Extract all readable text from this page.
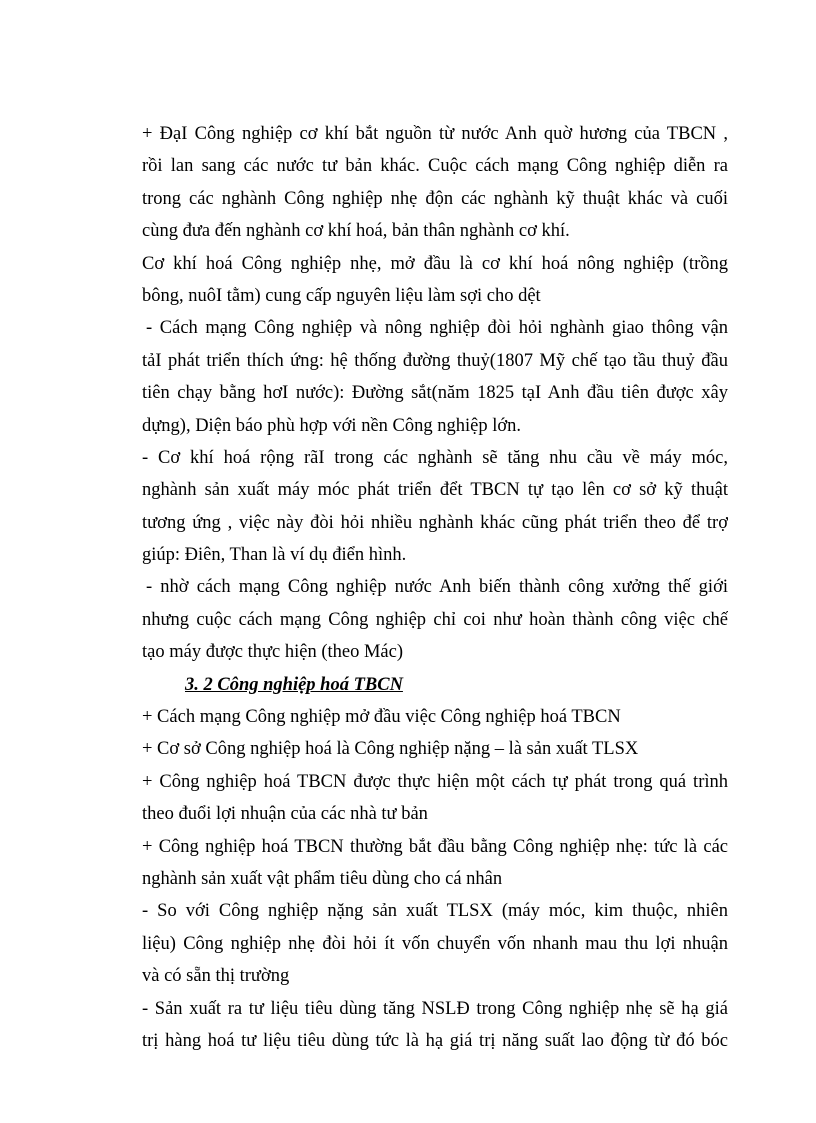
+ ĐạI Công nghiệp cơ khí bắt nguồn từ nước Anh quờ hương của TBCN ,
rồi lan sang các nước tư bản khác. Cuộc cách mạng Công nghiệp diễn ra
trong các nghành Công nghiệp nhẹ độn các nghành kỹ thuật khác và cuối
cùng đưa đến nghành cơ khí hoá, bản thân nghành cơ khí.
Cơ khí hoá Công nghiệp nhẹ, mở đầu là cơ khí hoá nông nghiệp (trồng
bông, nuôI tằm) cung cấp nguyên liệu làm sợi cho dệt
- Cách mạng Công nghiệp và nông nghiệp đòi hỏi nghành giao thông vận
tảI phát triển thích ứng: hệ thống đường thuỷ(1807 Mỹ chế tạo tầu thuỷ đầu
tiên chạy bằng hơI nước): Đường sắt(năm 1825 tạI Anh đầu tiên được xây
dựng), Diện báo phù hợp với nền Công nghiệp lớn.
- Cơ khí hoá rộng rãI trong các nghành sẽ tăng nhu cầu về máy móc,
nghành sản xuất máy móc phát triển đểt TBCN tự tạo lên cơ sở kỹ thuật
tương ứng , việc này đòi hỏi nhiều nghành khác cũng phát triển theo để trợ
giúp: Điên, Than là ví dụ điển hình.
- nhờ cách mạng Công nghiệp nước Anh biến thành công xưởng thế giới
nhưng cuộc cách mạng Công nghiệp chỉ coi như hoàn thành công việc chế
tạo máy được thực hiện (theo Mác)
3. 2 Công nghiệp hoá TBCN
+ Cách mạng Công nghiệp mở đầu việc Công nghiệp hoá TBCN
+ Cơ sở Công nghiệp hoá là Công nghiệp nặng – là sản xuất TLSX
+ Công nghiệp hoá TBCN được thực hiện một cách tự phát trong quá trình
theo đuổi lợi nhuận của các nhà tư bản
+ Công nghiệp hoá TBCN thường bắt đầu bằng Công nghiệp nhẹ: tức là các
nghành sản xuất vật phẩm tiêu dùng cho cá nhân
- So với Công nghiệp nặng sản xuất TLSX (máy móc, kim thuộc, nhiên
liệu) Công nghiệp nhẹ đòi hỏi ít vốn chuyển vốn nhanh mau thu lợi nhuận
và có sẵn thị trường
- Sản xuất ra tư liệu tiêu dùng tăng NSLĐ trong Công nghiệp nhẹ sẽ hạ giá
trị hàng hoá tư liệu tiêu dùng tức là hạ giá trị năng suất lao động từ đó bóc
